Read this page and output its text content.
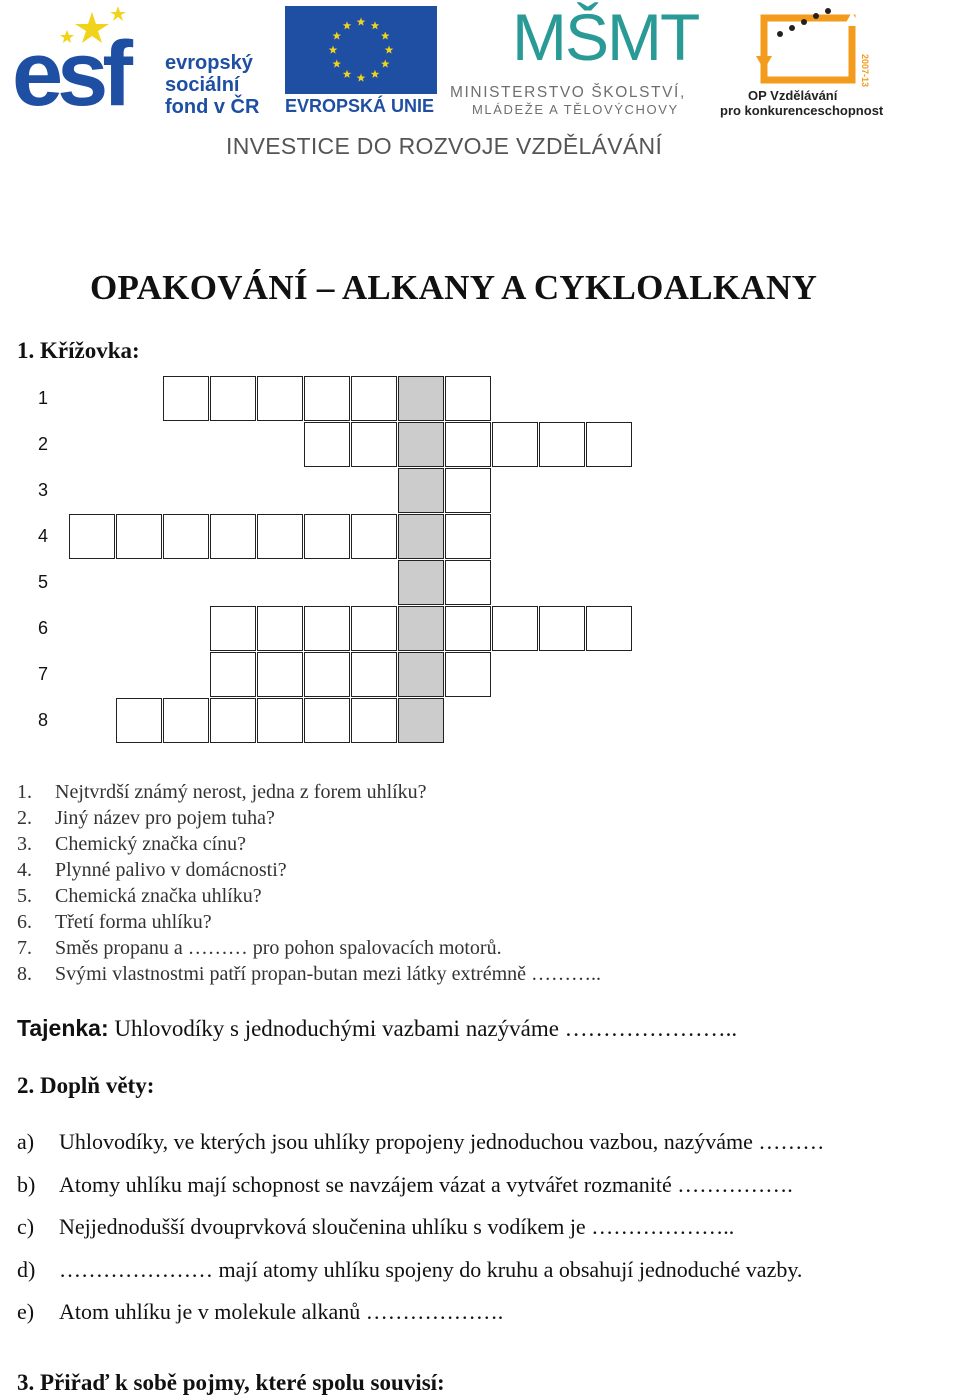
esf evropský
sociální
fond v ČR EVROPSKÁ UNIE
MŠMT
MINISTERSTVO ŠKOLSTVÍ,
MLÁDEŽE A TĚLOVÝCHOVY
2007-13
OP Vzdělávání
pro konkurenceschopnost
INVESTICE DO ROZVOJE VZDĚLÁVÁNÍ
OPAKOVÁNÍ – ALKANY A CYKLOALKANY
1. Křížovka:
1
2
3
4
5
6
7
8
1. Nejtvrdší známý nerost, jedna z forem uhlíku?
2. Jiný název pro pojem tuha?
3. Chemický značka cínu?
4. Plynné palivo v domácnosti?
5. Chemická značka uhlíku?
6. Třetí forma uhlíku?
7. Směs propanu a ……… pro pohon spalovacích motorů.
8. Svými vlastnostmi patří propan-butan mezi látky extrémně ………..
Tajenka: Uhlovodíky s jednoduchými vazbami nazýváme …………………..
2. Doplň věty:
a) Uhlovodíky, ve kterých jsou uhlíky propojeny jednoduchou vazbou, nazýváme ………
b) Atomy uhlíku mají schopnost se navzájem vázat a vytvářet rozmanité …………….
c) Nejjednodušší dvouprvková sloučenina uhlíku s vodíkem je ………………..
d) ………………… mají atomy uhlíku spojeny do kruhu a obsahují jednoduché vazby.
e) Atom uhlíku je v molekule alkanů ……………….
3. Přiřaď k sobě pojmy, které spolu souvisí:
